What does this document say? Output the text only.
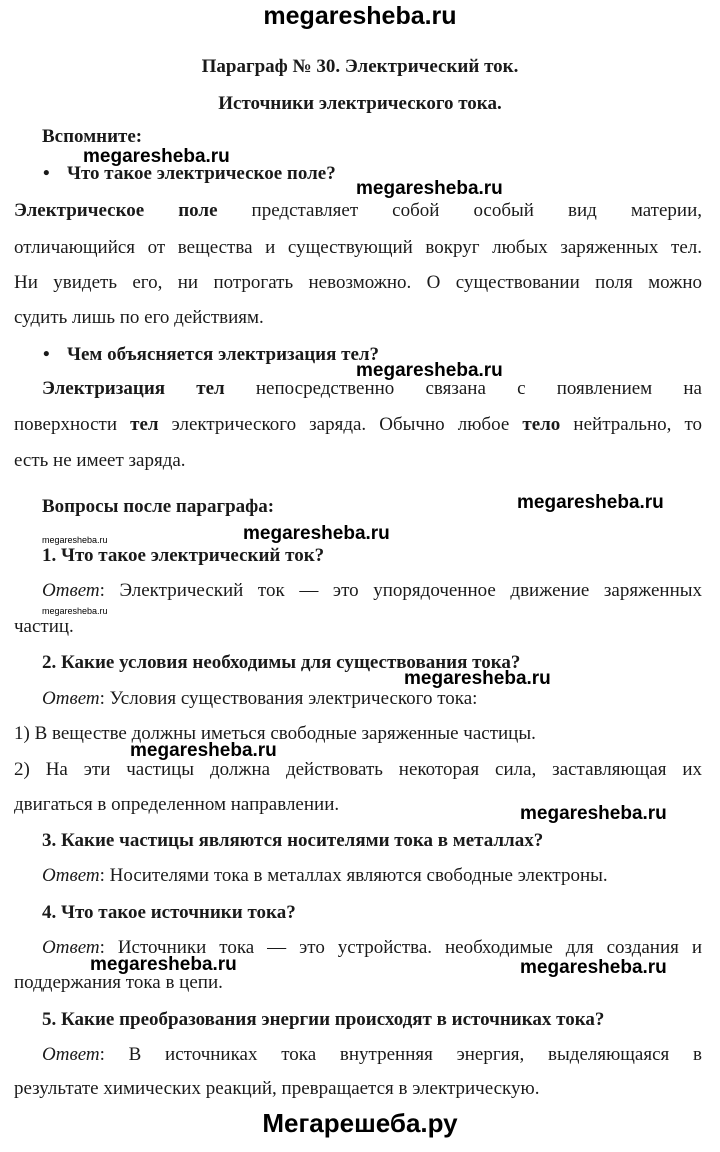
megaresheba.ru
Параграф № 30. Электрический ток.
Источники электрического тока.
Вспомните:
megaresheba.ru
• Что такое электрическое поле?
megaresheba.ru
Электрическое поле представляет собой особый вид материи,
отличающийся от вещества и существующий вокруг любых заряженных тел.
Ни увидеть его, ни потрогать невозможно. О существовании поля можно
судить лишь по его действиям.
• Чем объясняется электризация тел?
megaresheba.ru
Электризация тел непосредственно связана с появлением на
поверхности тел электрического заряда. Обычно любое тело нейтрально, то
есть не имеет заряда.
Вопросы после параграфа:	megaresheba.ru
megaresheba.ru
megaresheba.ru
1. Что такое электрический ток?
Ответ: Электрический ток — это упорядоченное движение заряженных
megaresheba.ru
частиц.
2. Какие условия необходимы для существования тока?
megaresheba.ru
Ответ: Условия существования электрического тока:
1) В веществе должны иметься свободные заряженные частицы.
megaresheba.ru
2) На эти частицы должна действовать некоторая сила, заставляющая их
двигаться в определенном направлении.	megaresheba.ru
3. Какие частицы являются носителями тока в металлах?
Ответ: Носителями тока в металлах являются свободные электроны.
4. Что такое источники тока?
Ответ: Источники тока — это устройства. необходимые для создания и
megaresheba.ru	megaresheba.ru
поддержания тока в цепи.
5. Какие преобразования энергии происходят в источниках тока?
Ответ: В источниках тока внутренняя энергия, выделяющаяся в
результате химических реакций, превращается в электрическую.
Мегарешеба.ру
